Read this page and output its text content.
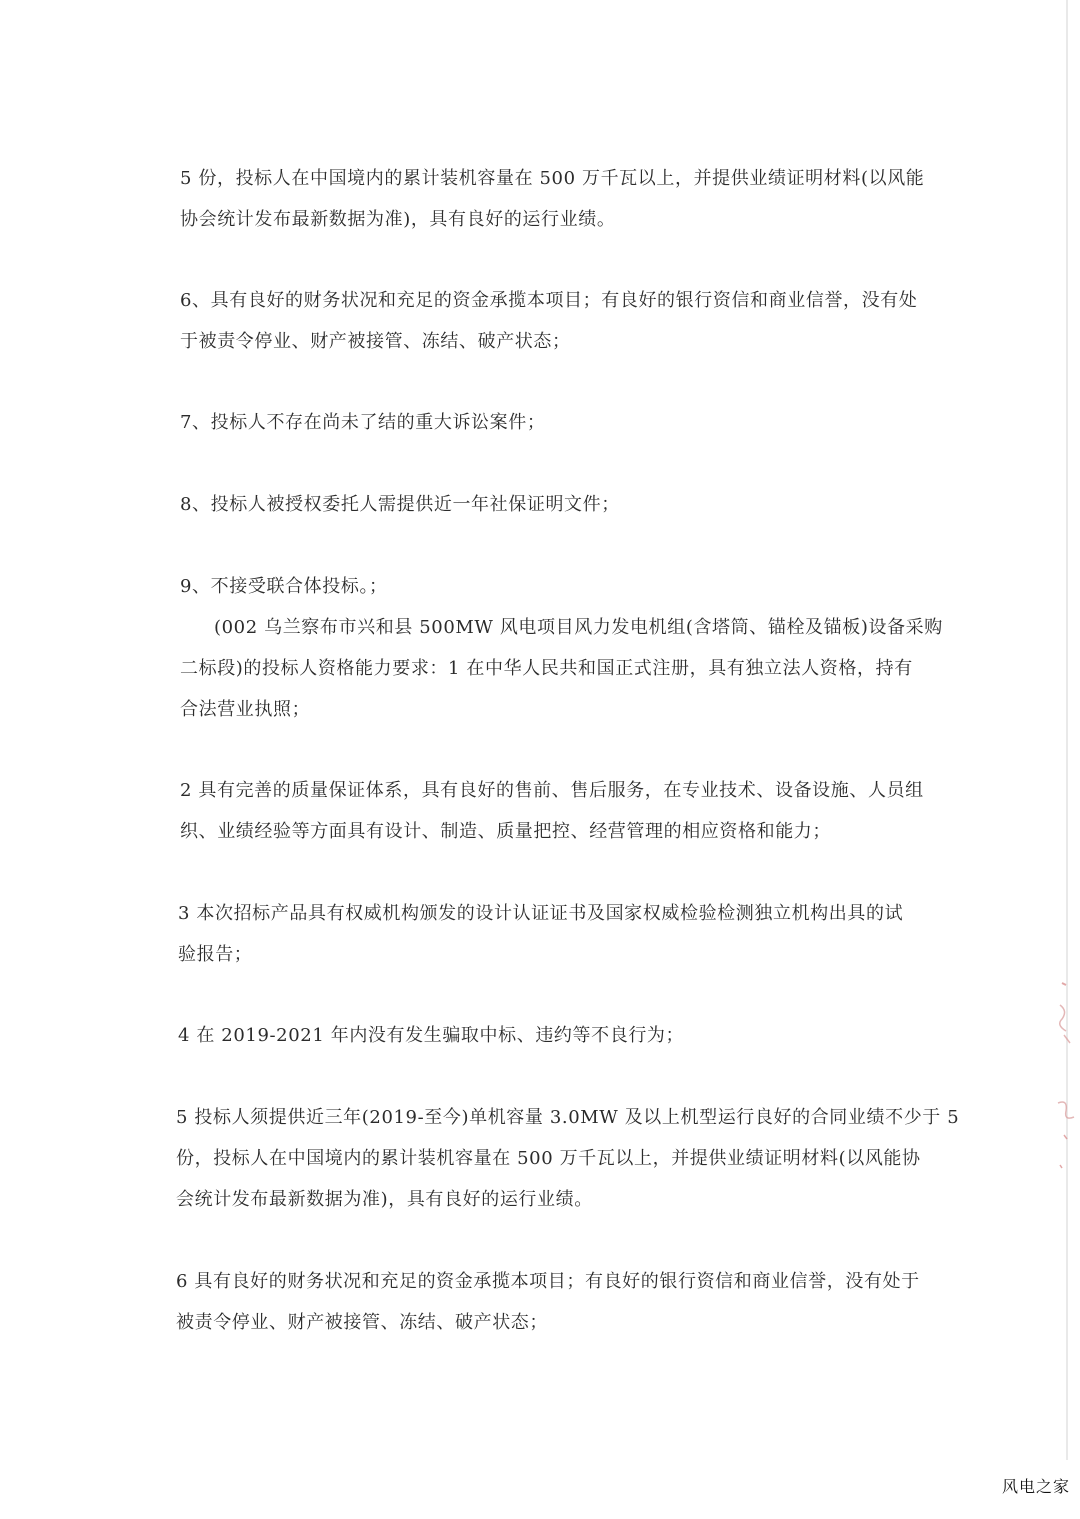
5 份，投标人在中国境内的累计装机容量在 500 万千瓦以上，并提供业绩证明材料(以风能
协会统计发布最新数据为准)，具有良好的运行业绩。
6、具有良好的财务状况和充足的资金承揽本项目；有良好的银行资信和商业信誉，没有处
于被责令停业、财产被接管、冻结、破产状态；
7、投标人不存在尚未了结的重大诉讼案件；
8、投标人被授权委托人需提供近一年社保证明文件；
9、不接受联合体投标。；
(002 乌兰察布市兴和县 500MW 风电项目风力发电机组(含塔筒、锚栓及锚板)设备采购
二标段)的投标人资格能力要求：1 在中华人民共和国正式注册，具有独立法人资格，持有
合法营业执照；
2 具有完善的质量保证体系，具有良好的售前、售后服务，在专业技术、设备设施、人员组
织、业绩经验等方面具有设计、制造、质量把控、经营管理的相应资格和能力；
3 本次招标产品具有权威机构颁发的设计认证证书及国家权威检验检测独立机构出具的试
验报告；
4 在 2019-2021 年内没有发生骗取中标、违约等不良行为；
5 投标人须提供近三年(2019-至今)单机容量 3.0MW 及以上机型运行良好的合同业绩不少于 5
份，投标人在中国境内的累计装机容量在 500 万千瓦以上，并提供业绩证明材料(以风能协
会统计发布最新数据为准)，具有良好的运行业绩。
6 具有良好的财务状况和充足的资金承揽本项目；有良好的银行资信和商业信誉，没有处于
被责令停业、财产被接管、冻结、破产状态；
风电之家
